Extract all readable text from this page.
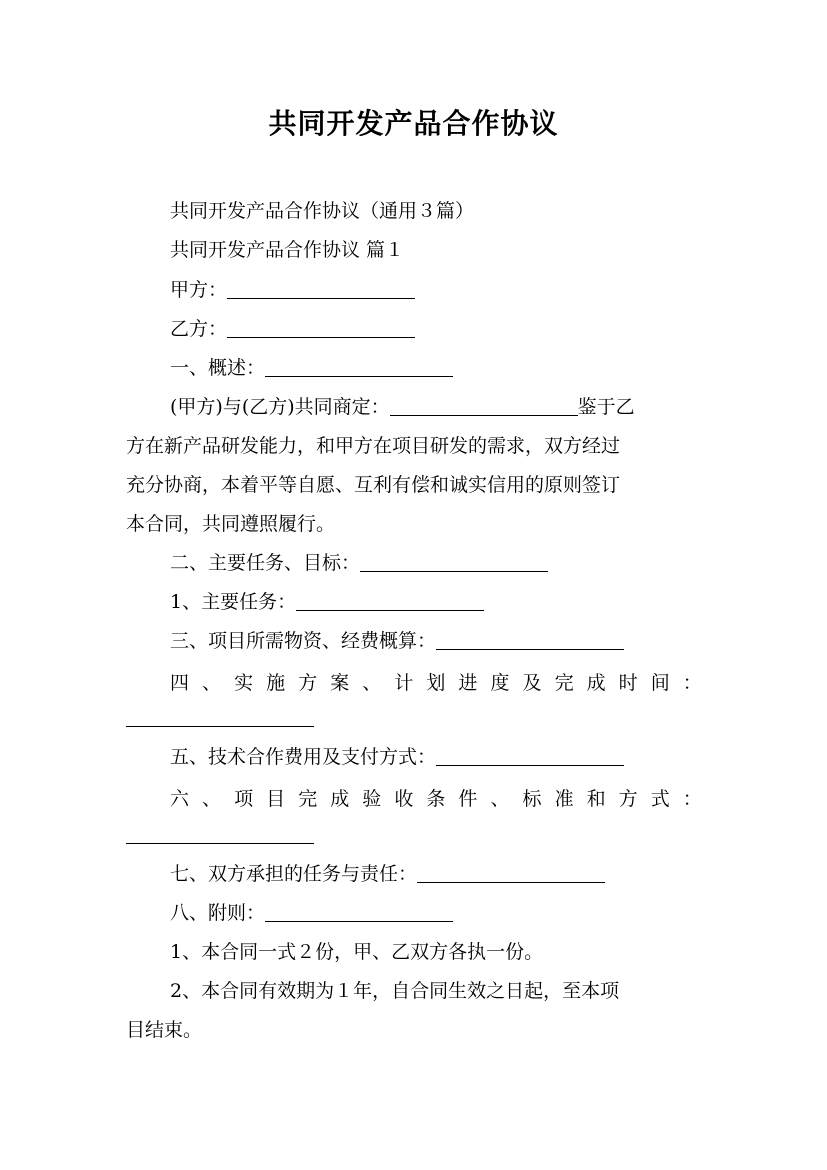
共同开发产品合作协议
共同开发产品合作协议（通用３篇）
共同开发产品合作协议 篇１
甲方：
乙方：
一、概述：
(甲方)与(乙方)共同商定：	鉴于乙
方在新产品研发能力，和甲方在项目研发的需求，双方经过
充分协商，本着平等自愿、互利有偿和诚实信用的原则签订
本合同，共同遵照履行。
二、主要任务、目标：
1、主要任务：
三、项目所需物资、经费概算：
四 、 实 施 方 案 、 计 划 进 度 及 完 成 时 间 ：
五、技术合作费用及支付方式：
六 、 项 目 完 成 验 收 条 件 、 标 准 和 方 式 ：
七、双方承担的任务与责任：
八、附则：
1、本合同一式２份，甲、乙双方各执一份。
2、本合同有效期为１年，自合同生效之日起，至本项
目结束。
